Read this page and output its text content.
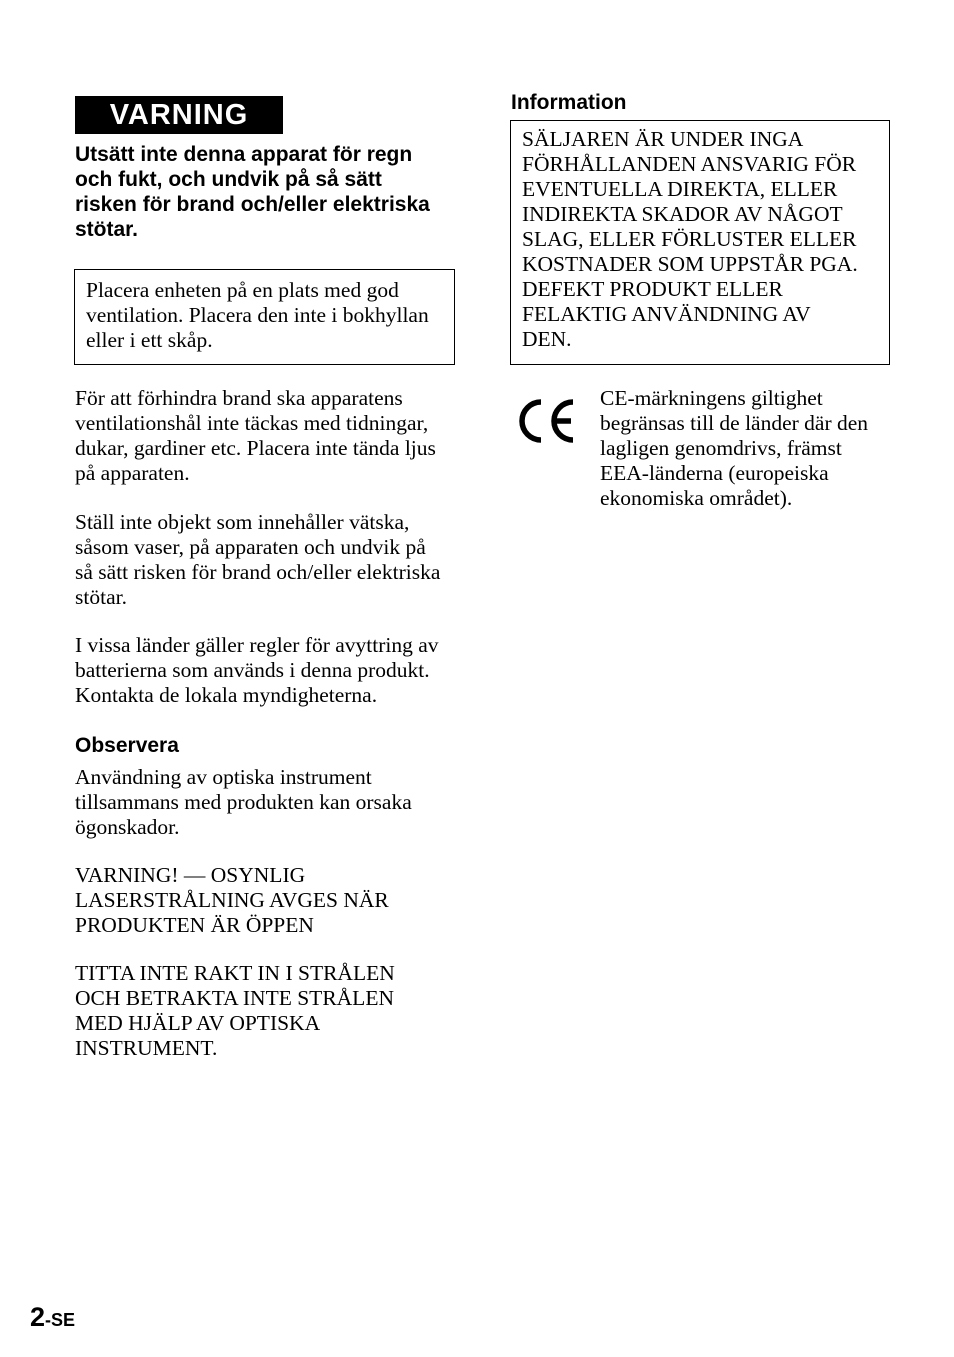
VARNING
Utsätt inte denna apparat för regn
och fukt, och undvik på så sätt
risken för brand och/eller elektriska
stötar.
Placera enheten på en plats med god
ventilation. Placera den inte i bokhyllan
eller i ett skåp.
För att förhindra brand ska apparatens
ventilationshål inte täckas med tidningar,
dukar, gardiner etc. Placera inte tända ljus
på apparaten.
Ställ inte objekt som innehåller vätska,
såsom vaser, på apparaten och undvik på
så sätt risken för brand och/eller elektriska
stötar.
I vissa länder gäller regler för avyttring av
batterierna som används i denna produkt.
Kontakta de lokala myndigheterna.
Observera
Användning av optiska instrument
tillsammans med produkten kan orsaka
ögonskador.
VARNING! — OSYNLIG
LASERSTRÅLNING AVGES NÄR
PRODUKTEN ÄR ÖPPEN
TITTA INTE RAKT IN I STRÅLEN
OCH BETRAKTA INTE STRÅLEN
MED HJÄLP AV OPTISKA
INSTRUMENT.
Information
SÄLJAREN ÄR UNDER INGA
FÖRHÅLLANDEN ANSVARIG FÖR
EVENTUELLA DIREKTA, ELLER
INDIREKTA SKADOR AV NÅGOT
SLAG, ELLER FÖRLUSTER ELLER
KOSTNADER SOM UPPSTÅR PGA.
DEFEKT PRODUKT ELLER
FELAKTIG ANVÄNDNING AV
DEN.
CE-märkningens giltighet
begränsas till de länder där den
lagligen genomdrivs, främst
EEA-länderna (europeiska
ekonomiska området).
2-SE
